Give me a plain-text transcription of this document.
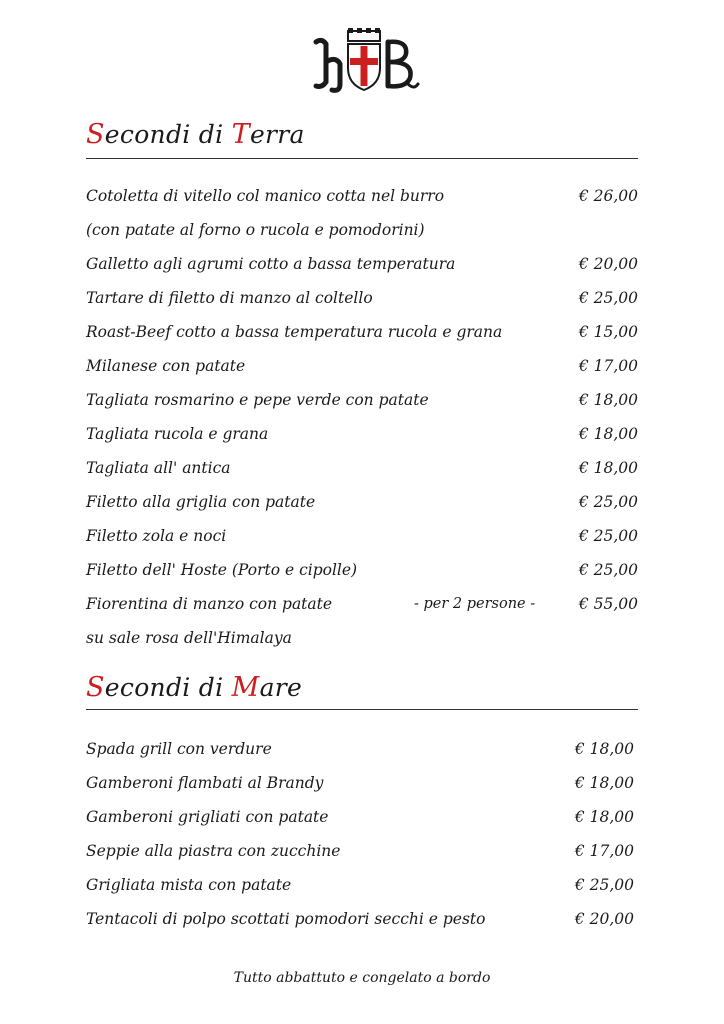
Secondi di Terra
Cotoletta di vitello col manico cotta nel burro	€ 26,00
(con patate al forno o rucola e pomodorini)
Galletto agli agrumi cotto a bassa temperatura	€ 20,00
Tartare di filetto di manzo al coltello	€ 25,00
Roast-Beef cotto a bassa temperatura rucola e grana	€ 15,00
Milanese con patate	€ 17,00
Tagliata rosmarino e pepe verde con patate	€ 18,00
Tagliata rucola e grana	€ 18,00
Tagliata all' antica	€ 18,00
Filetto alla griglia con patate	€ 25,00
Filetto zola e noci	€ 25,00
Filetto dell' Hoste (Porto e cipolle)	€ 25,00
Fiorentina di manzo con patate	- per 2 persone -	€ 55,00
su sale rosa dell'Himalaya
Secondi di Mare
Spada grill con verdure	€ 18,00
Gamberoni flambati al Brandy	€ 18,00
Gamberoni grigliati con patate	€ 18,00
Seppie alla piastra con zucchine	€ 17,00
Grigliata mista con patate	€ 25,00
Tentacoli di polpo scottati pomodori secchi e pesto	€ 20,00
Tutto abbattuto e congelato a bordo
